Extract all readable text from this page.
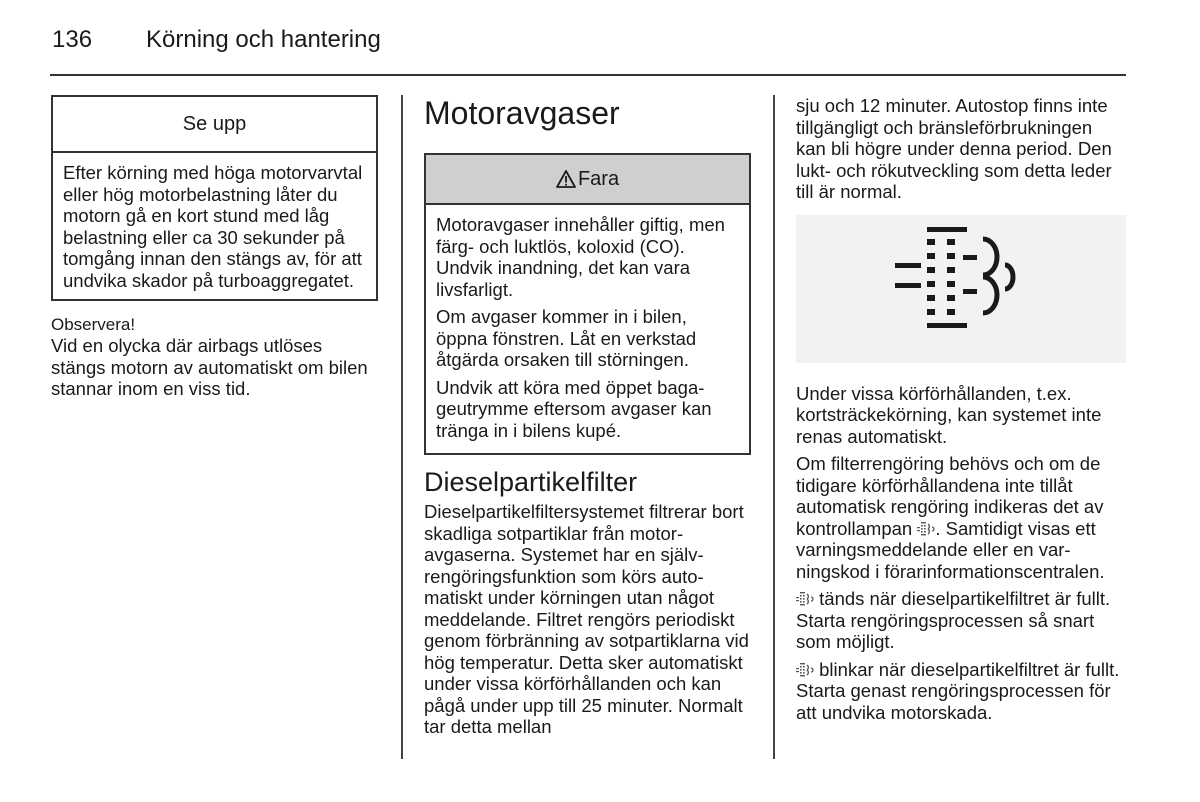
136 Körning och hantering
Se upp

Efter körning med höga motorvarvtal eller hög motorbelastning låter du motorn gå en kort stund med låg belastning eller ca 30 sekunder på tomgång innan den stängs av, för att undvika skador på turboaggregatet.

Observera!
Vid en olycka där airbags utlöses stängs motorn av automatiskt om bilen stannar inom en viss tid.
Motoravgaser
Fara

Motoravgaser innehåller giftig, men färg- och luktlös, koloxid (CO). Undvik inandning, det kan vara livsfarligt.

Om avgaser kommer in i bilen, öppna fönstren. Låt en verkstad åtgärda orsaken till störningen.

Undvik att köra med öppet bagageutrymme eftersom avgaser kan tränga in i bilens kupé.

Dieselpartikelfilter
Dieselpartikelfiltersystemet filtrerar bort skadliga sotpartiklar från motoravgaserna. Systemet har en självrengöringsfunktion som körs automatiskt under körningen utan något meddelande. Filtret rengörs periodiskt genom förbränning av sotpartiklarna vid hög temperatur. Detta sker automatiskt under vissa körförhållanden och kan pågå under upp till 25 minuter. Normalt tar detta mellan
sju och 12 minuter. Autostop finns inte tillgängligt och bränsleförbrukningen kan bli högre under denna period. Den lukt- och rökutveckling som detta leder till är normal.

Under vissa körförhållanden, t.ex. kortsträckekörning, kan systemet inte renas automatiskt.

Om filterrengöring behövs och om de tidigare körförhållandena inte tillåt automatisk rengöring indikeras det av kontrollampan . Samtidigt visas ett varningsmeddelande eller en varningskod i förarinformationscentralen.

tänds när dieselpartikelfiltret är fullt. Starta rengöringsprocessen så snart som möjligt.

blinkar när dieselpartikelfiltret är fullt. Starta genast rengöringsprocessen för att undvika motorskada.
